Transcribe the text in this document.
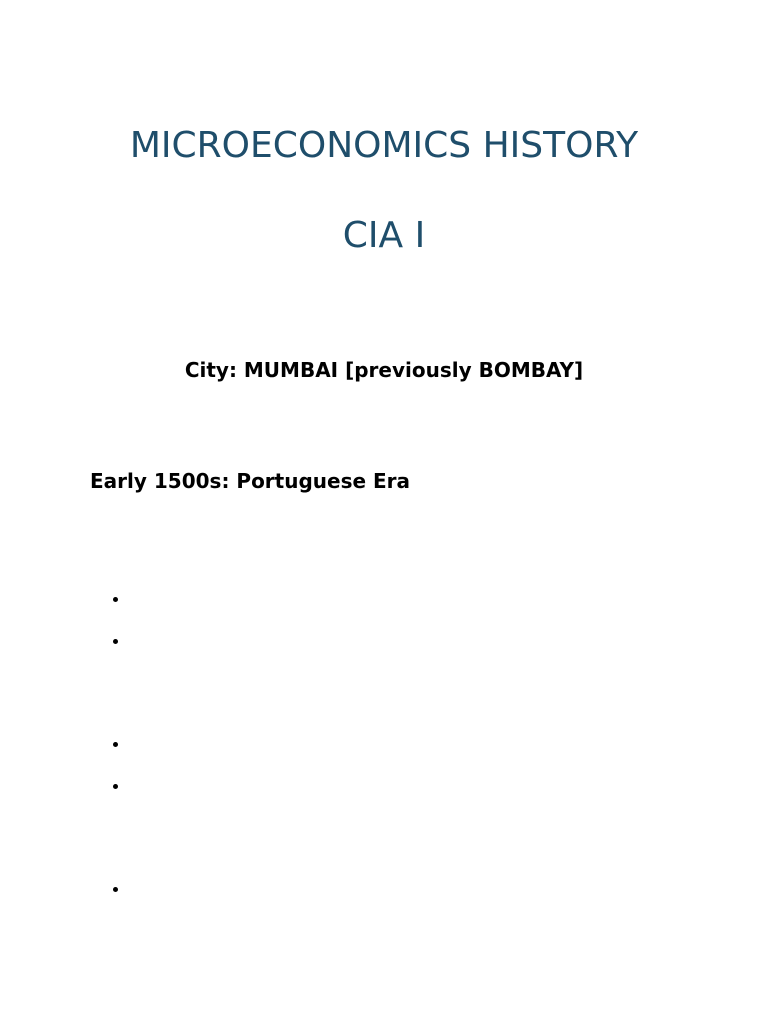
MICROECONOMICS HISTORY
CIA I

City: MUMBAI [previously BOMBAY]

Early 1500s: Portuguese Era
